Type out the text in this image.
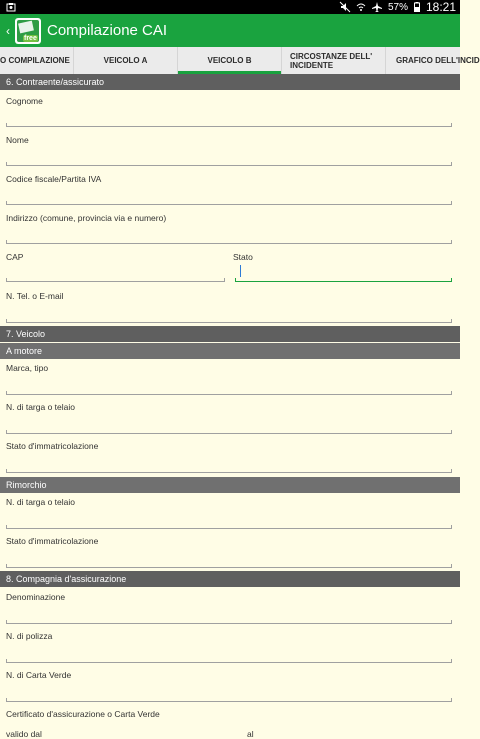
57% 18:21
‹
free Compilazione CAI
O COMPILAZIONE	VEICOLO A	VEICOLO B	CIRCOSTANZE DELL' INCIDENTE	GRAFICO DELL'INCID
6. Contraente/assicurato
Cognome
Nome
Codice fiscale/Partita IVA
Indirizzo (comune, provincia via e numero)
CAP	Stato
N. Tel. o E-mail
7. Veicolo
A motore
Marca, tipo
N. di targa o telaio
Stato d'immatricolazione
Rimorchio
N. di targa o telaio
Stato d'immatricolazione
8. Compagnia d'assicurazione
Denominazione
N. di polizza
N. di Carta Verde
Certificato d'assicurazione o Carta Verde
valido dal	al
